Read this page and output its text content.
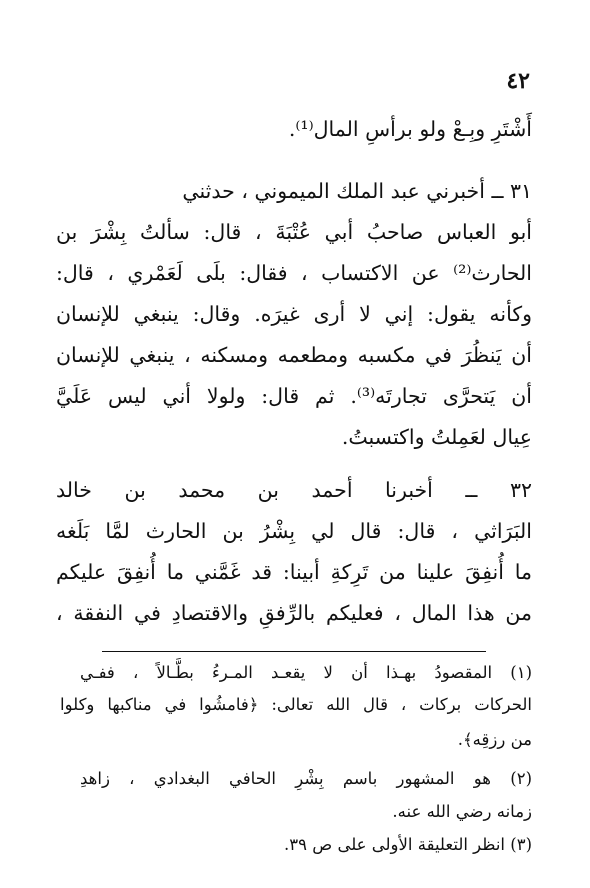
٤٢
أَشْتَرِ وبِـعْ ولو برأسِ المال⁽¹⁾.
٣١ ــ أخبرني عبد الملك الميموني ، حدثني
أبو العباس صاحبُ أبي عُتْبَةَ ، قال: سألتُ بِشْرَ بن
الحارث⁽²⁾ عن الاكتساب ، فقال: بلَى لَعَمْري ، قال:
وكأنه يقول: إني لا أرى غيرَه. وقال: ينبغي للإنسان
أن يَنظُرَ في مكسبه ومطعمه ومسكنه ، ينبغي للإنسان
أن يَتحرَّى تجارتَه⁽³⁾. ثم قال: ولولا أني ليس عَلَيَّ
عِيال لعَمِلتُ واكتسبتُ.
٣٢ ــ أخبرنا أحمد بن محمد بن خالد
البَرَاثي ، قال: قال لي بِشْرُ بن الحارث لمَّا بَلَغه
ما أُنفِقَ علينا من تَرِكةِ أبينا: قد غَمَّني ما أُنفِقَ عليكم
من هذا المال ، فعليكم بالرِّفقِ والاقتصادِ في النفقة ،
(١) المقصودُ بهـذا أن لا يقعـد المـرءُ بطَّـالاً ، ففـي
الحركات بركات ، قال الله تعالى: ﴿فامشُوا في مناكبها وكلوا
من رزقِه﴾.
(٢) هو المشهور باسم بِشْرِ الحافي البغدادي ، زاهدِ
زمانه رضي الله عنه.
(٣) انظر التعليقة الأولى على ص ٣٩.
